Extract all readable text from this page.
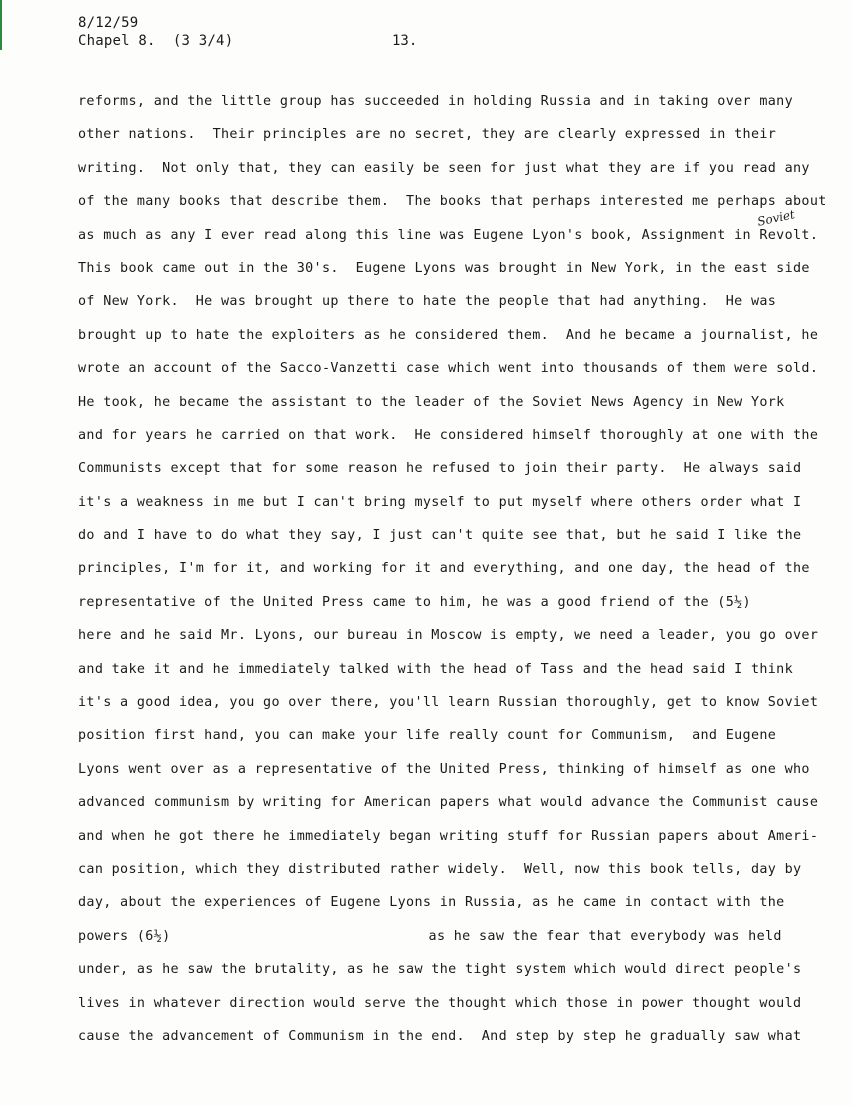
8/12/59
Chapel 8.  (3 3/4)	13.
Soviet
reforms, and the little group has succeeded in holding Russia and in taking over many
other nations.  Their principles are no secret, they are clearly expressed in their
writing.  Not only that, they can easily be seen for just what they are if you read any
of the many books that describe them.  The books that perhaps interested me perhaps about
as much as any I ever read along this line was Eugene Lyon's book, Assignment in Revolt.
This book came out in the 30's.  Eugene Lyons was brought in New York, in the east side
of New York.  He was brought up there to hate the people that had anything.  He was
brought up to hate the exploiters as he considered them.  And he became a journalist, he
wrote an account of the Sacco-Vanzetti case which went into thousands of them were sold.
He took, he became the assistant to the leader of the Soviet News Agency in New York
and for years he carried on that work.  He considered himself thoroughly at one with the
Communists except that for some reason he refused to join their party.  He always said
it's a weakness in me but I can't bring myself to put myself where others order what I
do and I have to do what they say, I just can't quite see that, but he said I like the
principles, I'm for it, and working for it and everything, and one day, the head of the
representative of the United Press came to him, he was a good friend of the (5½)
here and he said Mr. Lyons, our bureau in Moscow is empty, we need a leader, you go over
and take it and he immediately talked with the head of Tass and the head said I think
it's a good idea, you go over there, you'll learn Russian thoroughly, get to know Soviet
position first hand, you can make your life really count for Communism,  and Eugene
Lyons went over as a representative of the United Press, thinking of himself as one who
advanced communism by writing for American papers what would advance the Communist cause
and when he got there he immediately began writing stuff for Russian papers about Ameri-
can position, which they distributed rather widely.  Well, now this book tells, day by
day, about the experiences of Eugene Lyons in Russia, as he came in contact with the
powers (6½)	as he saw the fear that everybody was held
under, as he saw the brutality, as he saw the tight system which would direct people's
lives in whatever direction would serve the thought which those in power thought would
cause the advancement of Communism in the end.  And step by step he gradually saw what
